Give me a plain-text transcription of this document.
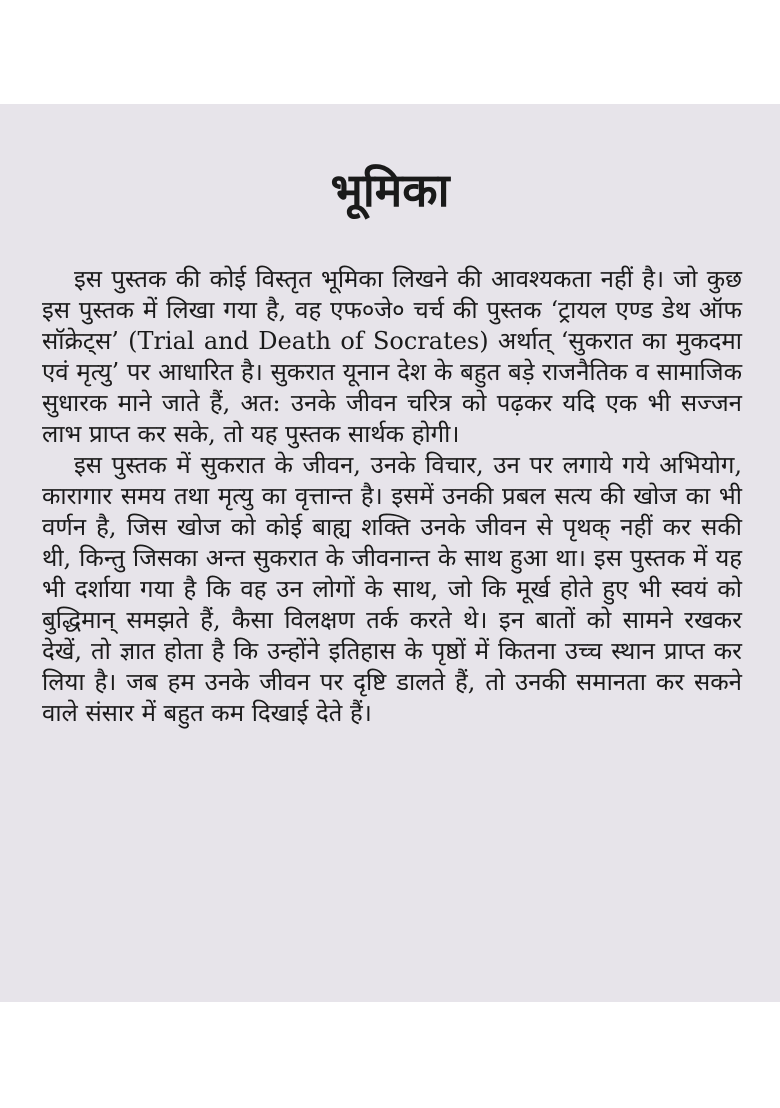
भूमिका

इस पुस्तक की कोई विस्तृत भूमिका लिखने की आवश्यकता नहीं है। जो कुछ इस पुस्तक में लिखा गया है, वह एफ०जे० चर्च की पुस्तक ‘ट्रायल एण्ड डेथ ऑफ सॉक्रेट्स’ (Trial and Death of Socrates) अर्थात् ‘सुकरात का मुकदमा एवं मृत्यु’ पर आधारित है। सुकरात यूनान देश के बहुत बड़े राजनैतिक व सामाजिक सुधारक माने जाते हैं, अत: उनके जीवन चरित्र को पढ़कर यदि एक भी सज्जन लाभ प्राप्त कर सके, तो यह पुस्तक सार्थक होगी।

इस पुस्तक में सुकरात के जीवन, उनके विचार, उन पर लगाये गये अभियोग, कारागार समय तथा मृत्यु का वृत्तान्त है। इसमें उनकी प्रबल सत्य की खोज का भी वर्णन है, जिस खोज को कोई बाह्य शक्ति उनके जीवन से पृथक् नहीं कर सकी थी, किन्तु जिसका अन्त सुकरात के जीवनान्त के साथ हुआ था। इस पुस्तक में यह भी दर्शाया गया है कि वह उन लोगों के साथ, जो कि मूर्ख होते हुए भी स्वयं को बुद्धिमान् समझते हैं, कैसा विलक्षण तर्क करते थे। इन बातों को सामने रखकर देखें, तो ज्ञात होता है कि उन्होंने इतिहास के पृष्ठों में कितना उच्च स्थान प्राप्त कर लिया है। जब हम उनके जीवन पर दृष्टि डालते हैं, तो उनकी समानता कर सकने वाले संसार में बहुत कम दिखाई देते हैं।
